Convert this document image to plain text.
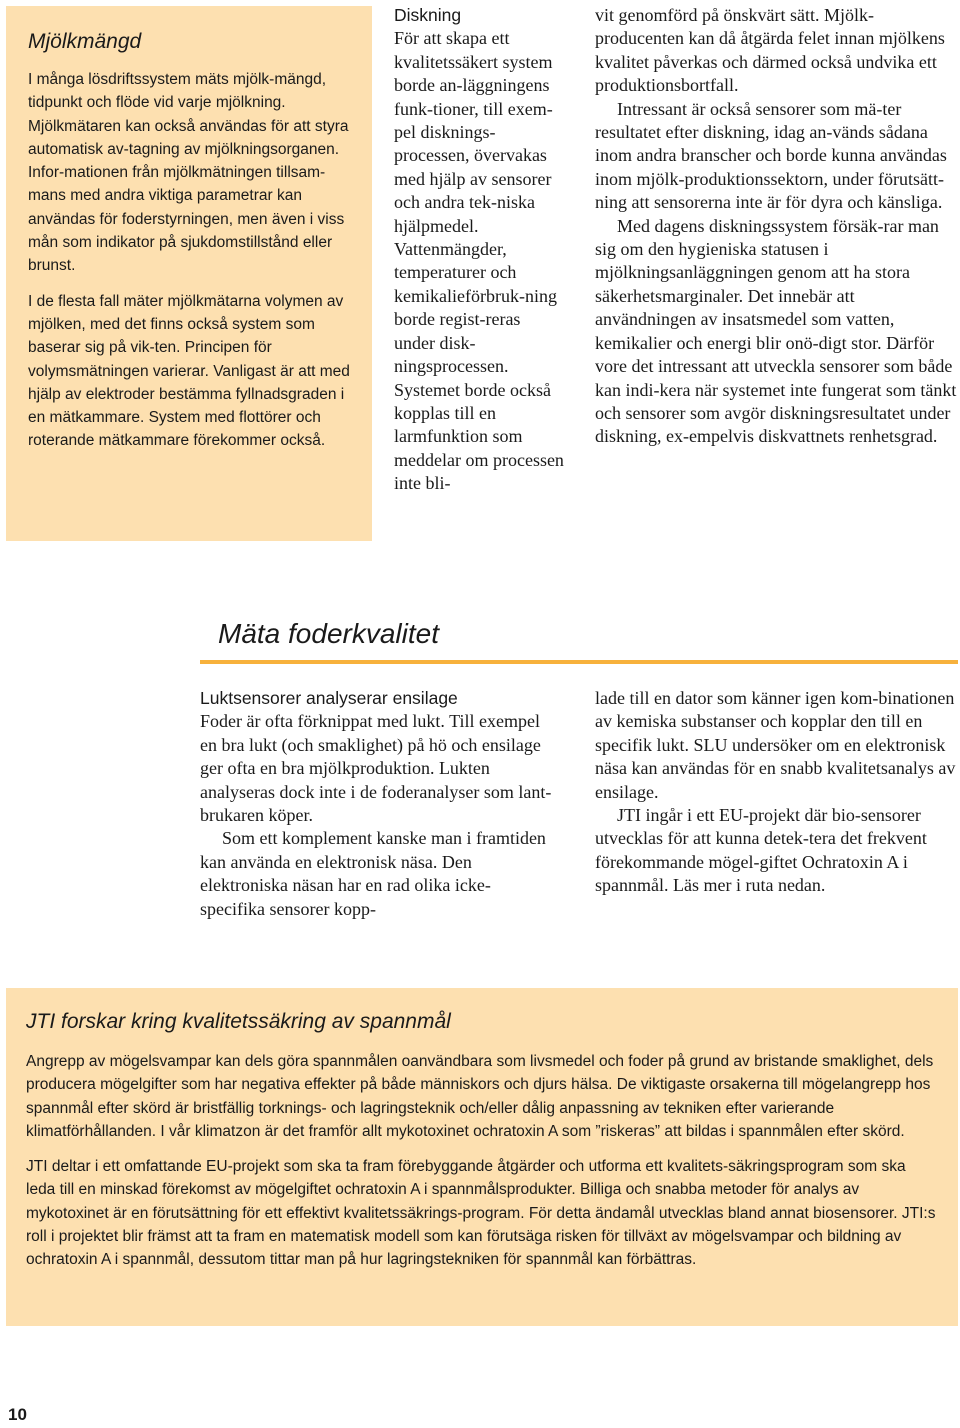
Mjölkmängd

I många lösdriftssystem mäts mjölk-mängd, tidpunkt och flöde vid varje mjölkning. Mjölkmätaren kan också användas för att styra automatisk av-tagning av mjölkningsorganen. Infor-mationen från mjölkmätningen tillsam-mans med andra viktiga parametrar kan användas för foderstyrningen, men även i viss mån som indikator på sjukdomstillstånd eller brunst.

I de flesta fall mäter mjölkmätarna volymen av mjölken, med det finns också system som baserar sig på vik-ten. Principen för volymsmätningen varierar. Vanligast är att med hjälp av elektroder bestämma fyllnadsgraden i en mätkammare. System med flottörer och roterande mätkammare förekommer också.

Diskning

För att skapa ett kvalitetssäkert system borde an-läggningens funk-tioner, till exem-pel disknings-processen, övervakas med hjälp av sensorer och andra tek-niska hjälpmedel. Vattenmängder, temperaturer och kemikalieförbruk-ning borde regist-reras under disk-ningsprocessen. Systemet borde också kopplas till en larmfunktion som meddelar om processen inte bli-

vit genomförd på önskvärt sätt. Mjölk-producenten kan då åtgärda felet innan mjölkens kvalitet påverkas och därmed också undvika ett produktionsbortfall.

Intressant är också sensorer som mä-ter resultatet efter diskning, idag an-vänds sådana inom andra branscher och borde kunna användas inom mjölk-produktionssektorn, under förutsätt-ning att sensorerna inte är för dyra och känsliga.

Med dagens diskningssystem försäk-rar man sig om den hygieniska statusen i mjölkningsanläggningen genom att ha stora säkerhetsmarginaler. Det innebär att användningen av insatsmedel som vatten, kemikalier och energi blir onö-digt stor. Därför vore det intressant att utveckla sensorer som både kan indi-kera när systemet inte fungerat som tänkt och sensorer som avgör diskningsresultatet under diskning, ex-empelvis diskvattnets renhetsgrad.

Mäta foderkvalitet
Luktsensorer analyserar ensilage

Foder är ofta förknippat med lukt. Till exempel en bra lukt (och smaklighet) på hö och ensilage ger ofta en bra mjölkproduktion. Lukten analyseras dock inte i de foderanalyser som lant-brukaren köper.

Som ett komplement kanske man i framtiden kan använda en elektronisk näsa. Den elektroniska näsan har en rad olika icke-specifika sensorer kopp-

lade till en dator som känner igen kom-binationen av kemiska substanser och kopplar den till en specifik lukt. SLU undersöker om en elektronisk näsa kan användas för en snabb kvalitetsanalys av ensilage.

JTI ingår i ett EU-projekt där bio-sensorer utvecklas för att kunna detek-tera det frekvent förekommande mögel-giftet Ochratoxin A i spannmål. Läs mer i ruta nedan.

JTI forskar kring kvalitetssäkring av spannmål

Angrepp av mögelsvampar kan dels göra spannmålen oanvändbara som livsmedel och foder på grund av bristande smaklighet, dels producera mögelgifter som har negativa effekter på både människors och djurs hälsa. De viktigaste orsakerna till mögelangrepp hos spannmål efter skörd är bristfällig torknings- och lagringsteknik och/eller dålig anpassning av tekniken efter varierande klimatförhållanden. I vår klimatzon är det framför allt mykotoxinet ochratoxin A som ”riskeras” att bildas i spannmålen efter skörd.

JTI deltar i ett omfattande EU-projekt som ska ta fram förebyggande åtgärder och utforma ett kvalitets-säkringsprogram som ska leda till en minskad förekomst av mögelgiftet ochratoxin A i spannmålsprodukter. Billiga och snabba metoder för analys av mykotoxinet är en förutsättning för ett effektivt kvalitetssäkrings-program. För detta ändamål utvecklas bland annat biosensorer. JTI:s roll i projektet blir främst att ta fram en matematisk modell som kan förutsäga risken för tillväxt av mögelsvampar och bildning av ochratoxin A i spannmål, dessutom tittar man på hur lagringstekniken för spannmål kan förbättras.

10
